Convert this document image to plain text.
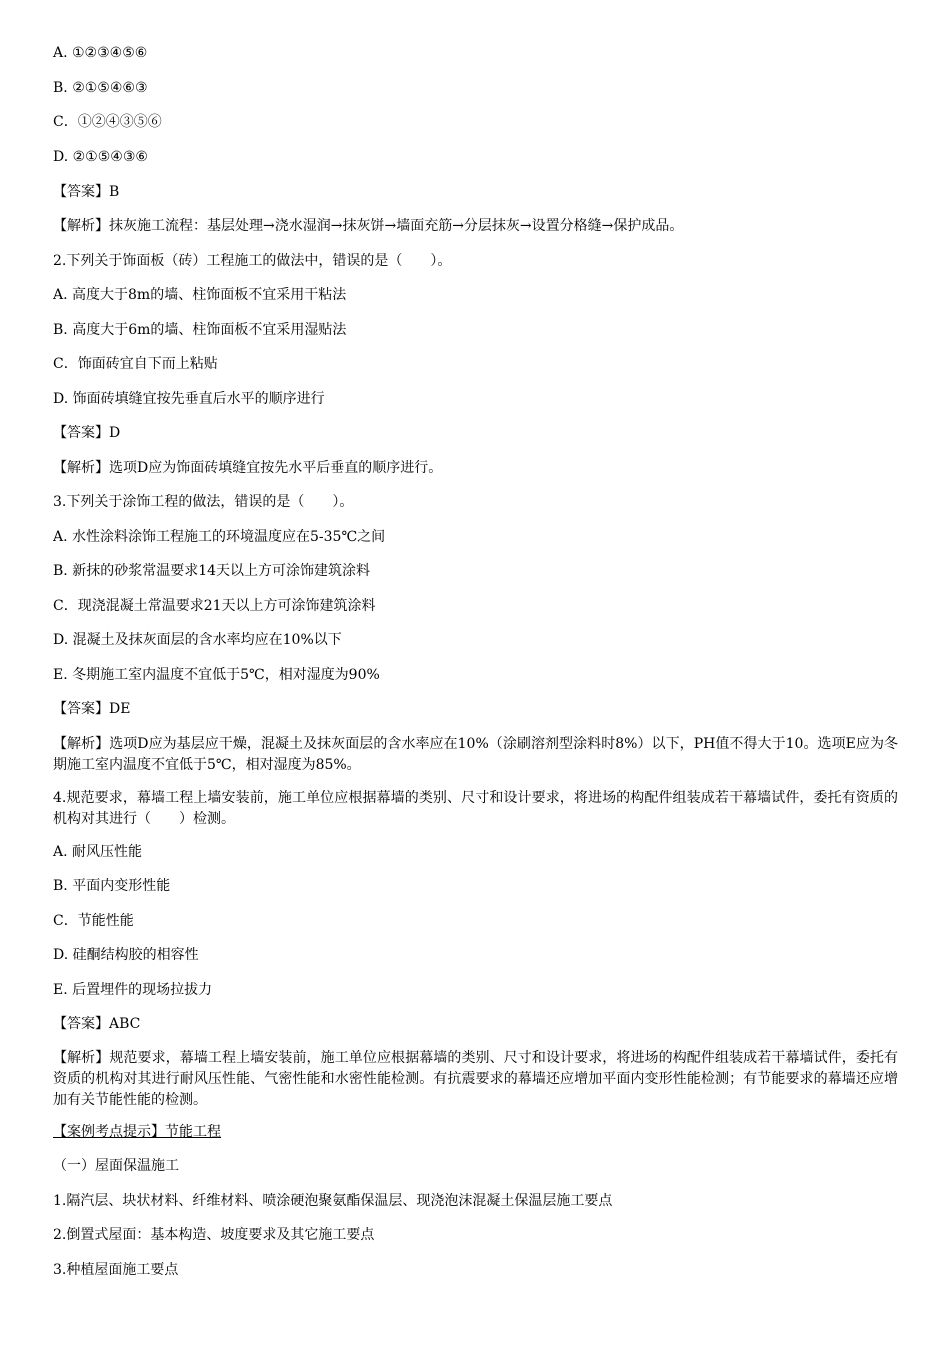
A. ①②③④⑤⑥
B. ②①⑤④⑥③
C．①②④③⑤⑥
D. ②①⑤④③⑥
【答案】B
【解析】抹灰施工流程：基层处理→浇水湿润→抹灰饼→墙面充筋→分层抹灰→设置分格缝→保护成品。
2.下列关于饰面板（砖）工程施工的做法中，错误的是（　　）。
A. 高度大于8m的墙、柱饰面板不宜采用干粘法
B. 高度大于6m的墙、柱饰面板不宜采用湿贴法
C．饰面砖宜自下而上粘贴
D. 饰面砖填缝宜按先垂直后水平的顺序进行
【答案】D
【解析】选项D应为饰面砖填缝宜按先水平后垂直的顺序进行。
3.下列关于涂饰工程的做法，错误的是（　　）。
A. 水性涂料涂饰工程施工的环境温度应在5-35℃之间
B. 新抹的砂浆常温要求14天以上方可涂饰建筑涂料
C．现浇混凝土常温要求21天以上方可涂饰建筑涂料
D. 混凝土及抹灰面层的含水率均应在10%以下
E. 冬期施工室内温度不宜低于5℃，相对湿度为90%
【答案】DE
【解析】选项D应为基层应干燥，混凝土及抹灰面层的含水率应在10%（涂刷溶剂型涂料时8%）以下，PH值不得大于10。选项E应为冬期施工室内温度不宜低于5℃，相对湿度为85%。
4.规范要求，幕墙工程上墙安装前，施工单位应根据幕墙的类别、尺寸和设计要求，将进场的构配件组装成若干幕墙试件，委托有资质的机构对其进行（　　）检测。
A. 耐风压性能
B. 平面内变形性能
C．节能性能
D. 硅酮结构胶的相容性
E. 后置埋件的现场拉拔力
【答案】ABC
【解析】规范要求，幕墙工程上墙安装前，施工单位应根据幕墙的类别、尺寸和设计要求，将进场的构配件组装成若干幕墙试件，委托有资质的机构对其进行耐风压性能、气密性能和水密性能检测。有抗震要求的幕墙还应增加平面内变形性能检测；有节能要求的幕墙还应增加有关节能性能的检测。
【案例考点提示】节能工程
（一）屋面保温施工
1.隔汽层、块状材料、纤维材料、喷涂硬泡聚氨酯保温层、现浇泡沫混凝土保温层施工要点
2.倒置式屋面：基本构造、坡度要求及其它施工要点
3.种植屋面施工要点
